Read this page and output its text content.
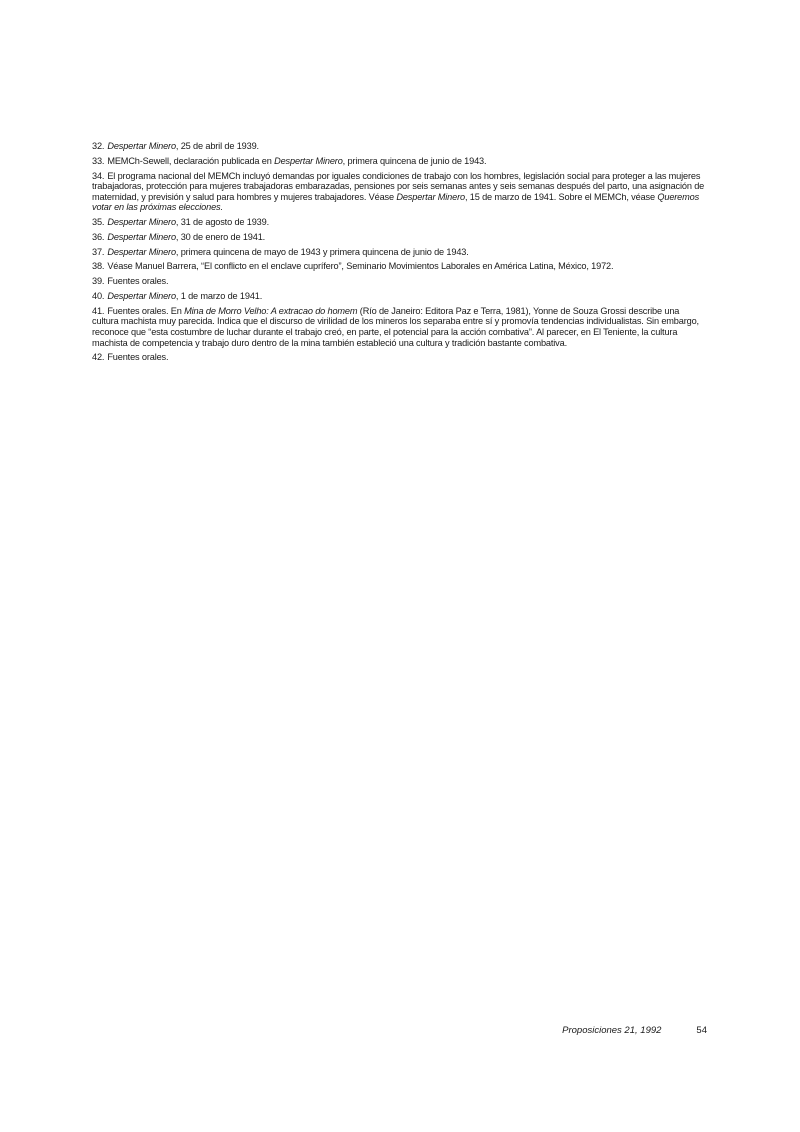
32. Despertar Minero, 25 de abril de 1939.

33. MEMCh-Sewell, declaración publicada en Despertar Minero, primera quincena de junio de 1943.

34. El programa nacional del MEMCh incluyó demandas por iguales condiciones de trabajo con los hombres, legislación social para proteger a las mujeres trabajadoras, protección para mujeres trabajadoras embarazadas, pensiones por seis semanas antes y seis semanas después del parto, una asignación de maternidad, y previsión y salud para hombres y mujeres trabajadores. Véase Despertar Minero, 15 de marzo de 1941. Sobre el MEMCh, véase Queremos votar en las próximas elecciones.

35. Despertar Minero, 31 de agosto de 1939.

36. Despertar Minero, 30 de enero de 1941.

37. Despertar Minero, primera quincena de mayo de 1943 y primera quincena de junio de 1943.

38. Véase Manuel Barrera, “El conflicto en el enclave cuprífero”, Seminario Movimientos Laborales en América Latina, México, 1972.

39. Fuentes orales.

40. Despertar Minero, 1 de marzo de 1941.

41. Fuentes orales. En Mina de Morro Velho: A extracao do homem (Río de Janeiro: Editora Paz e Terra, 1981), Yonne de Souza Grossi describe una cultura machista muy parecida. Indica que el discurso de virilidad de los mineros los separaba entre sí y promovía tendencias individualistas. Sin embargo, reconoce que “esta costumbre de luchar durante el trabajo creó, en parte, el potencial para la acción combativa”. Al parecer, en El Teniente, la cultura machista de competencia y trabajo duro dentro de la mina también estableció una cultura y tradición bastante combativa.

42. Fuentes orales.

Proposiciones 21, 1992	54
